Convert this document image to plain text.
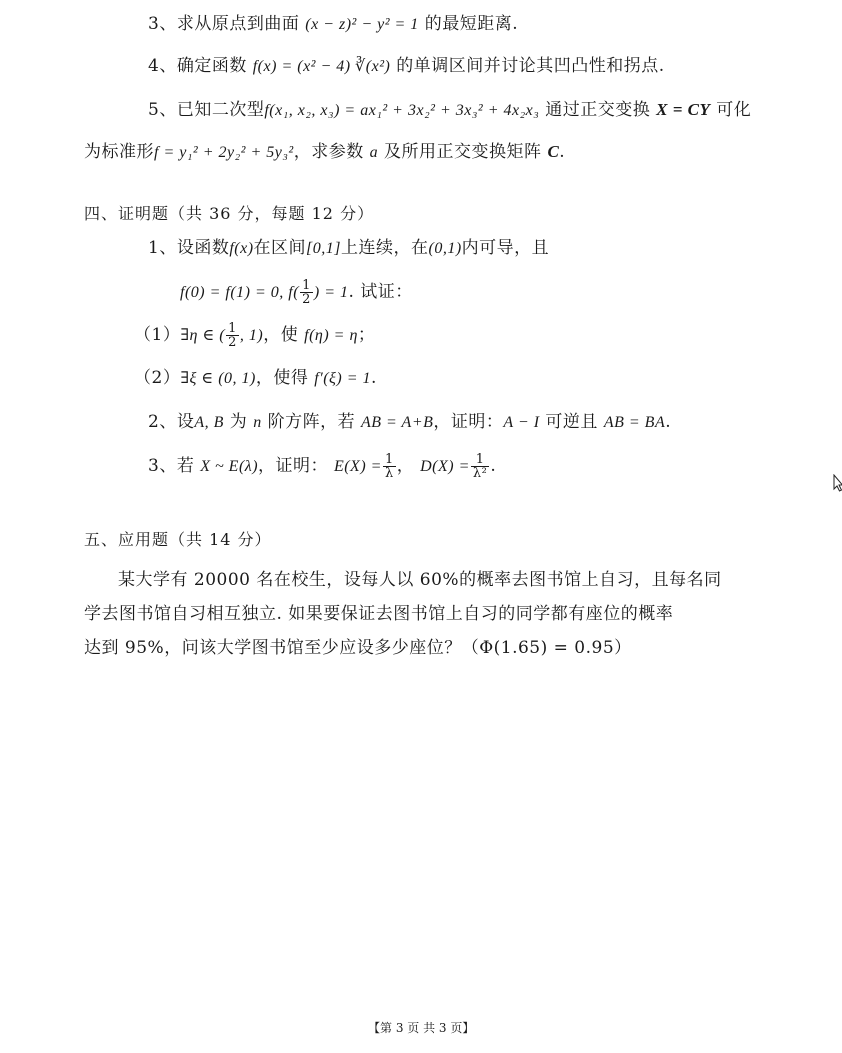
3、求从原点到曲面 (x − z)² − y² = 1 的最短距离.
4、确定函数 f(x) = (x² − 4) ∛(x²) 的单调区间并讨论其凹凸性和拐点.
5、已知二次型f(x₁, x₂, x₃) = ax₁² + 3x₂² + 3x₃² + 4x₂x₃ 通过正交变换 X = CY 可化
为标准形f = y₁² + 2y₂² + 5y₃²，求参数 a 及所用正交变换矩阵 C.
四、证明题（共 36 分，每题 12 分）
1、设函数f(x)在区间[0,1]上连续，在(0,1)内可导，且
f(0) = f(1) = 0, $f( \frac{1}{2}$ ) = 1. 试证：
（1）∃η ∈ ( $\frac{1}{2}$ , 1)，使 f(η) = η；
（2）∃ξ ∈ (0, 1)，使得 f′(ξ) = 1.
2、设A, B 为 n 阶方阵，若 AB = A+B，证明：A − I 可逆且 AB = BA.
3、若 X ~ E(λ)，证明： $E(X) = \frac{1}{\lambda}$ ， $D(X) = \frac{1}{\text{λ²}}$ .
五、应用题（共 14 分）
某大学有 20000 名在校生，设每人以 60%的概率去图书馆上自习，且每名同
学去图书馆自习相互独立. 如果要保证去图书馆上自习的同学都有座位的概率
达到 95%，问该大学图书馆至少应设多少座位？（Φ(1.65) = 0.95）
【第 3 页 共 3 页】
